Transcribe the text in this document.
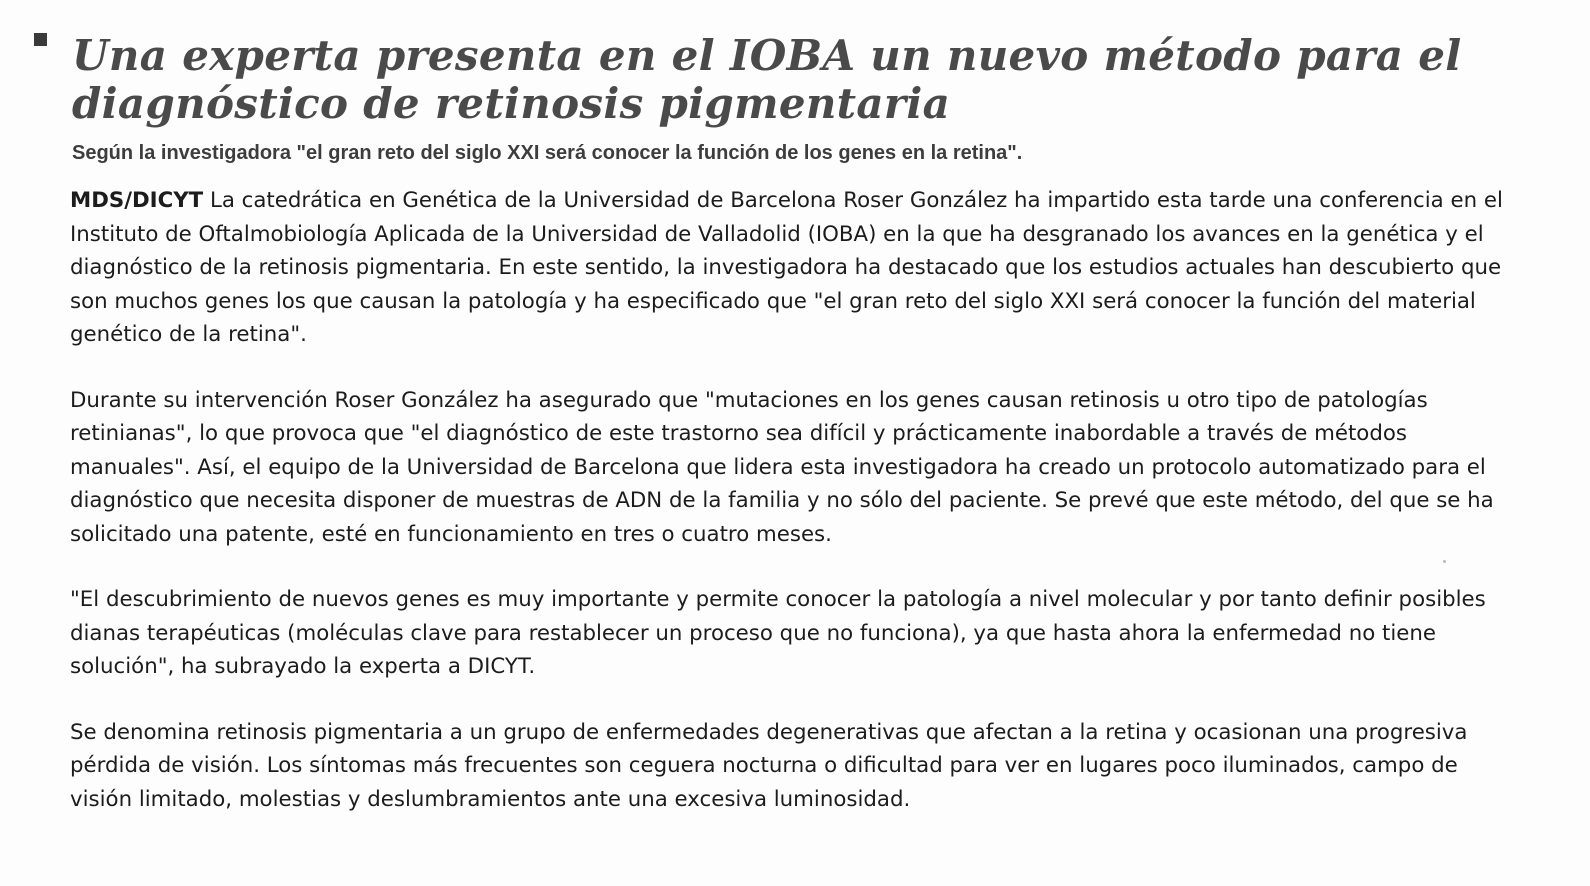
Una experta presenta en el IOBA un nuevo método para el diagnóstico de retinosis pigmentaria
Según la investigadora "el gran reto del siglo XXI será conocer la función de los genes en la retina".

MDS/DICYT La catedrática en Genética de la Universidad de Barcelona Roser González ha impartido esta tarde una conferencia en el Instituto de Oftalmobiología Aplicada de la Universidad de Valladolid (IOBA) en la que ha desgranado los avances en la genética y el diagnóstico de la retinosis pigmentaria. En este sentido, la investigadora ha destacado que los estudios actuales han descubierto que son muchos genes los que causan la patología y ha especificado que "el gran reto del siglo XXI será conocer la función del material genético de la retina".

Durante su intervención Roser González ha asegurado que "mutaciones en los genes causan retinosis u otro tipo de patologías retinianas", lo que provoca que "el diagnóstico de este trastorno sea difícil y prácticamente inabordable a través de métodos manuales". Así, el equipo de la Universidad de Barcelona que lidera esta investigadora ha creado un protocolo automatizado para el diagnóstico que necesita disponer de muestras de ADN de la familia y no sólo del paciente. Se prevé que este método, del que se ha solicitado una patente, esté en funcionamiento en tres o cuatro meses.

"El descubrimiento de nuevos genes es muy importante y permite conocer la patología a nivel molecular y por tanto definir posibles dianas terapéuticas (moléculas clave para restablecer un proceso que no funciona), ya que hasta ahora la enfermedad no tiene solución", ha subrayado la experta a DICYT.

Se denomina retinosis pigmentaria a un grupo de enfermedades degenerativas que afectan a la retina y ocasionan una progresiva pérdida de visión. Los síntomas más frecuentes son ceguera nocturna o dificultad para ver en lugares poco iluminados, campo de visión limitado, molestias y deslumbramientos ante una excesiva luminosidad.
